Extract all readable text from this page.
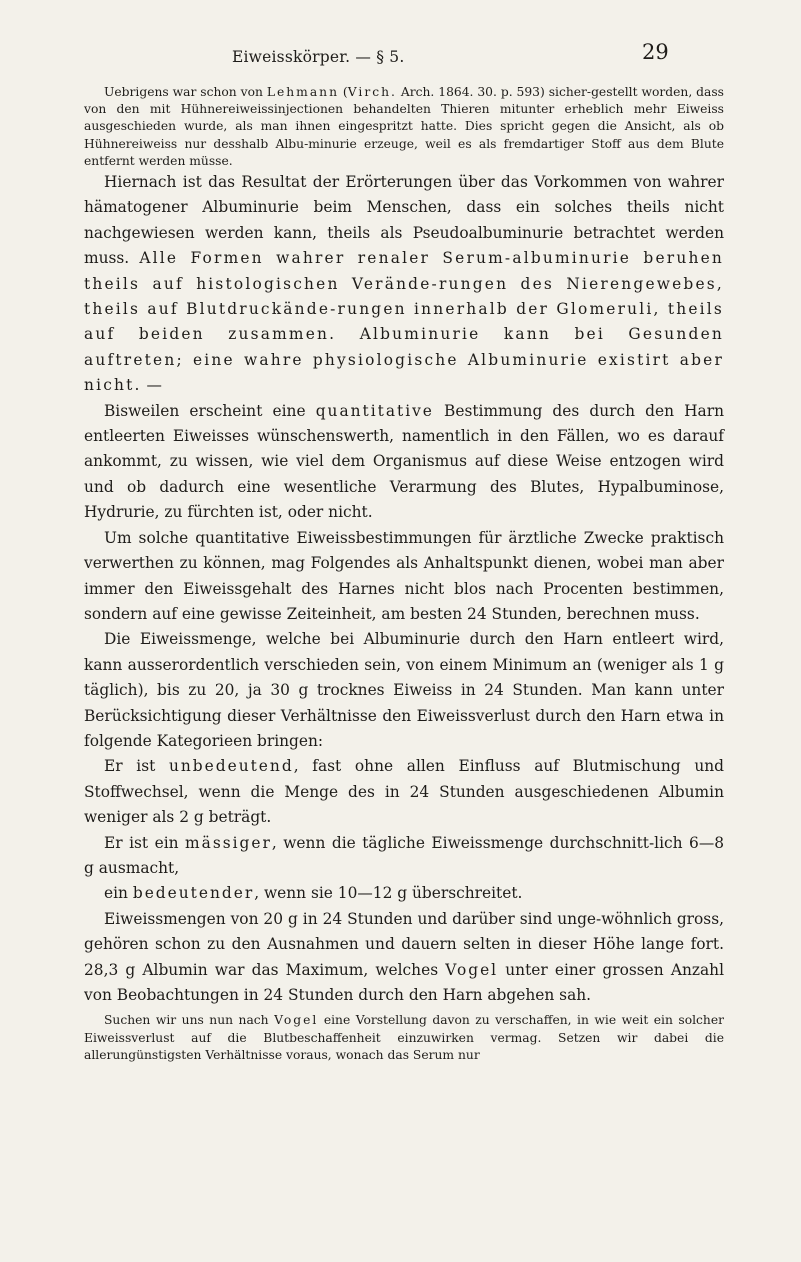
Eiweisskörper. — § 5.	29

Uebrigens war schon von Lehmann (Virch. Arch. 1864. 30. p. 593) sicher-gestellt worden, dass von den mit Hühnereiweissinjectionen behandelten Thieren mitunter erheblich mehr Eiweiss ausgeschieden wurde, als man ihnen eingespritzt hatte. Dies spricht gegen die Ansicht, als ob Hühnereiweiss nur desshalb Albu-minurie erzeuge, weil es als fremdartiger Stoff aus dem Blute entfernt werden müsse.

Hiernach ist das Resultat der Erörterungen über das Vorkommen von wahrer hämatogener Albuminurie beim Menschen, dass ein solches theils nicht nachgewiesen werden kann, theils als Pseudoalbuminurie betrachtet werden muss. Alle Formen wahrer renaler Serum-albuminurie beruhen theils auf histologischen Verände-rungen des Nierengewebes, theils auf Blutdruckände-rungen innerhalb der Glomeruli, theils auf beiden zusammen. Albuminurie kann bei Gesunden auftreten; eine wahre physiologische Albuminurie existirt aber nicht. —

Bisweilen erscheint eine quantitative Bestimmung des durch den Harn entleerten Eiweisses wünschenswerth, namentlich in den Fällen, wo es darauf ankommt, zu wissen, wie viel dem Organismus auf diese Weise entzogen wird und ob dadurch eine wesentliche Verarmung des Blutes, Hypalbuminose, Hydrurie, zu fürchten ist, oder nicht.

Um solche quantitative Eiweissbestimmungen für ärztliche Zwecke praktisch verwerthen zu können, mag Folgendes als Anhaltspunkt dienen, wobei man aber immer den Eiweissgehalt des Harnes nicht blos nach Procenten bestimmen, sondern auf eine gewisse Zeiteinheit, am besten 24 Stunden, berechnen muss.

Die Eiweissmenge, welche bei Albuminurie durch den Harn entleert wird, kann ausserordentlich verschieden sein, von einem Minimum an (weniger als 1 g täglich), bis zu 20, ja 30 g trocknes Eiweiss in 24 Stunden. Man kann unter Berücksichtigung dieser Verhältnisse den Eiweissverlust durch den Harn etwa in folgende Kategorieen bringen:

Er ist unbedeutend, fast ohne allen Einfluss auf Blutmischung und Stoffwechsel, wenn die Menge des in 24 Stunden ausgeschiedenen Albumin weniger als 2 g beträgt.

Er ist ein mässiger, wenn die tägliche Eiweissmenge durchschnitt-lich 6—8 g ausmacht,

ein bedeutender, wenn sie 10—12 g überschreitet.

Eiweissmengen von 20 g in 24 Stunden und darüber sind unge-wöhnlich gross, gehören schon zu den Ausnahmen und dauern selten in dieser Höhe lange fort. 28,3 g Albumin war das Maximum, welches Vogel unter einer grossen Anzahl von Beobachtungen in 24 Stunden durch den Harn abgehen sah.

Suchen wir uns nun nach Vogel eine Vorstellung davon zu verschaffen, in wie weit ein solcher Eiweissverlust auf die Blutbeschaffenheit einzuwirken vermag. Setzen wir dabei die allerungünstigsten Verhältnisse voraus, wonach das Serum nur
